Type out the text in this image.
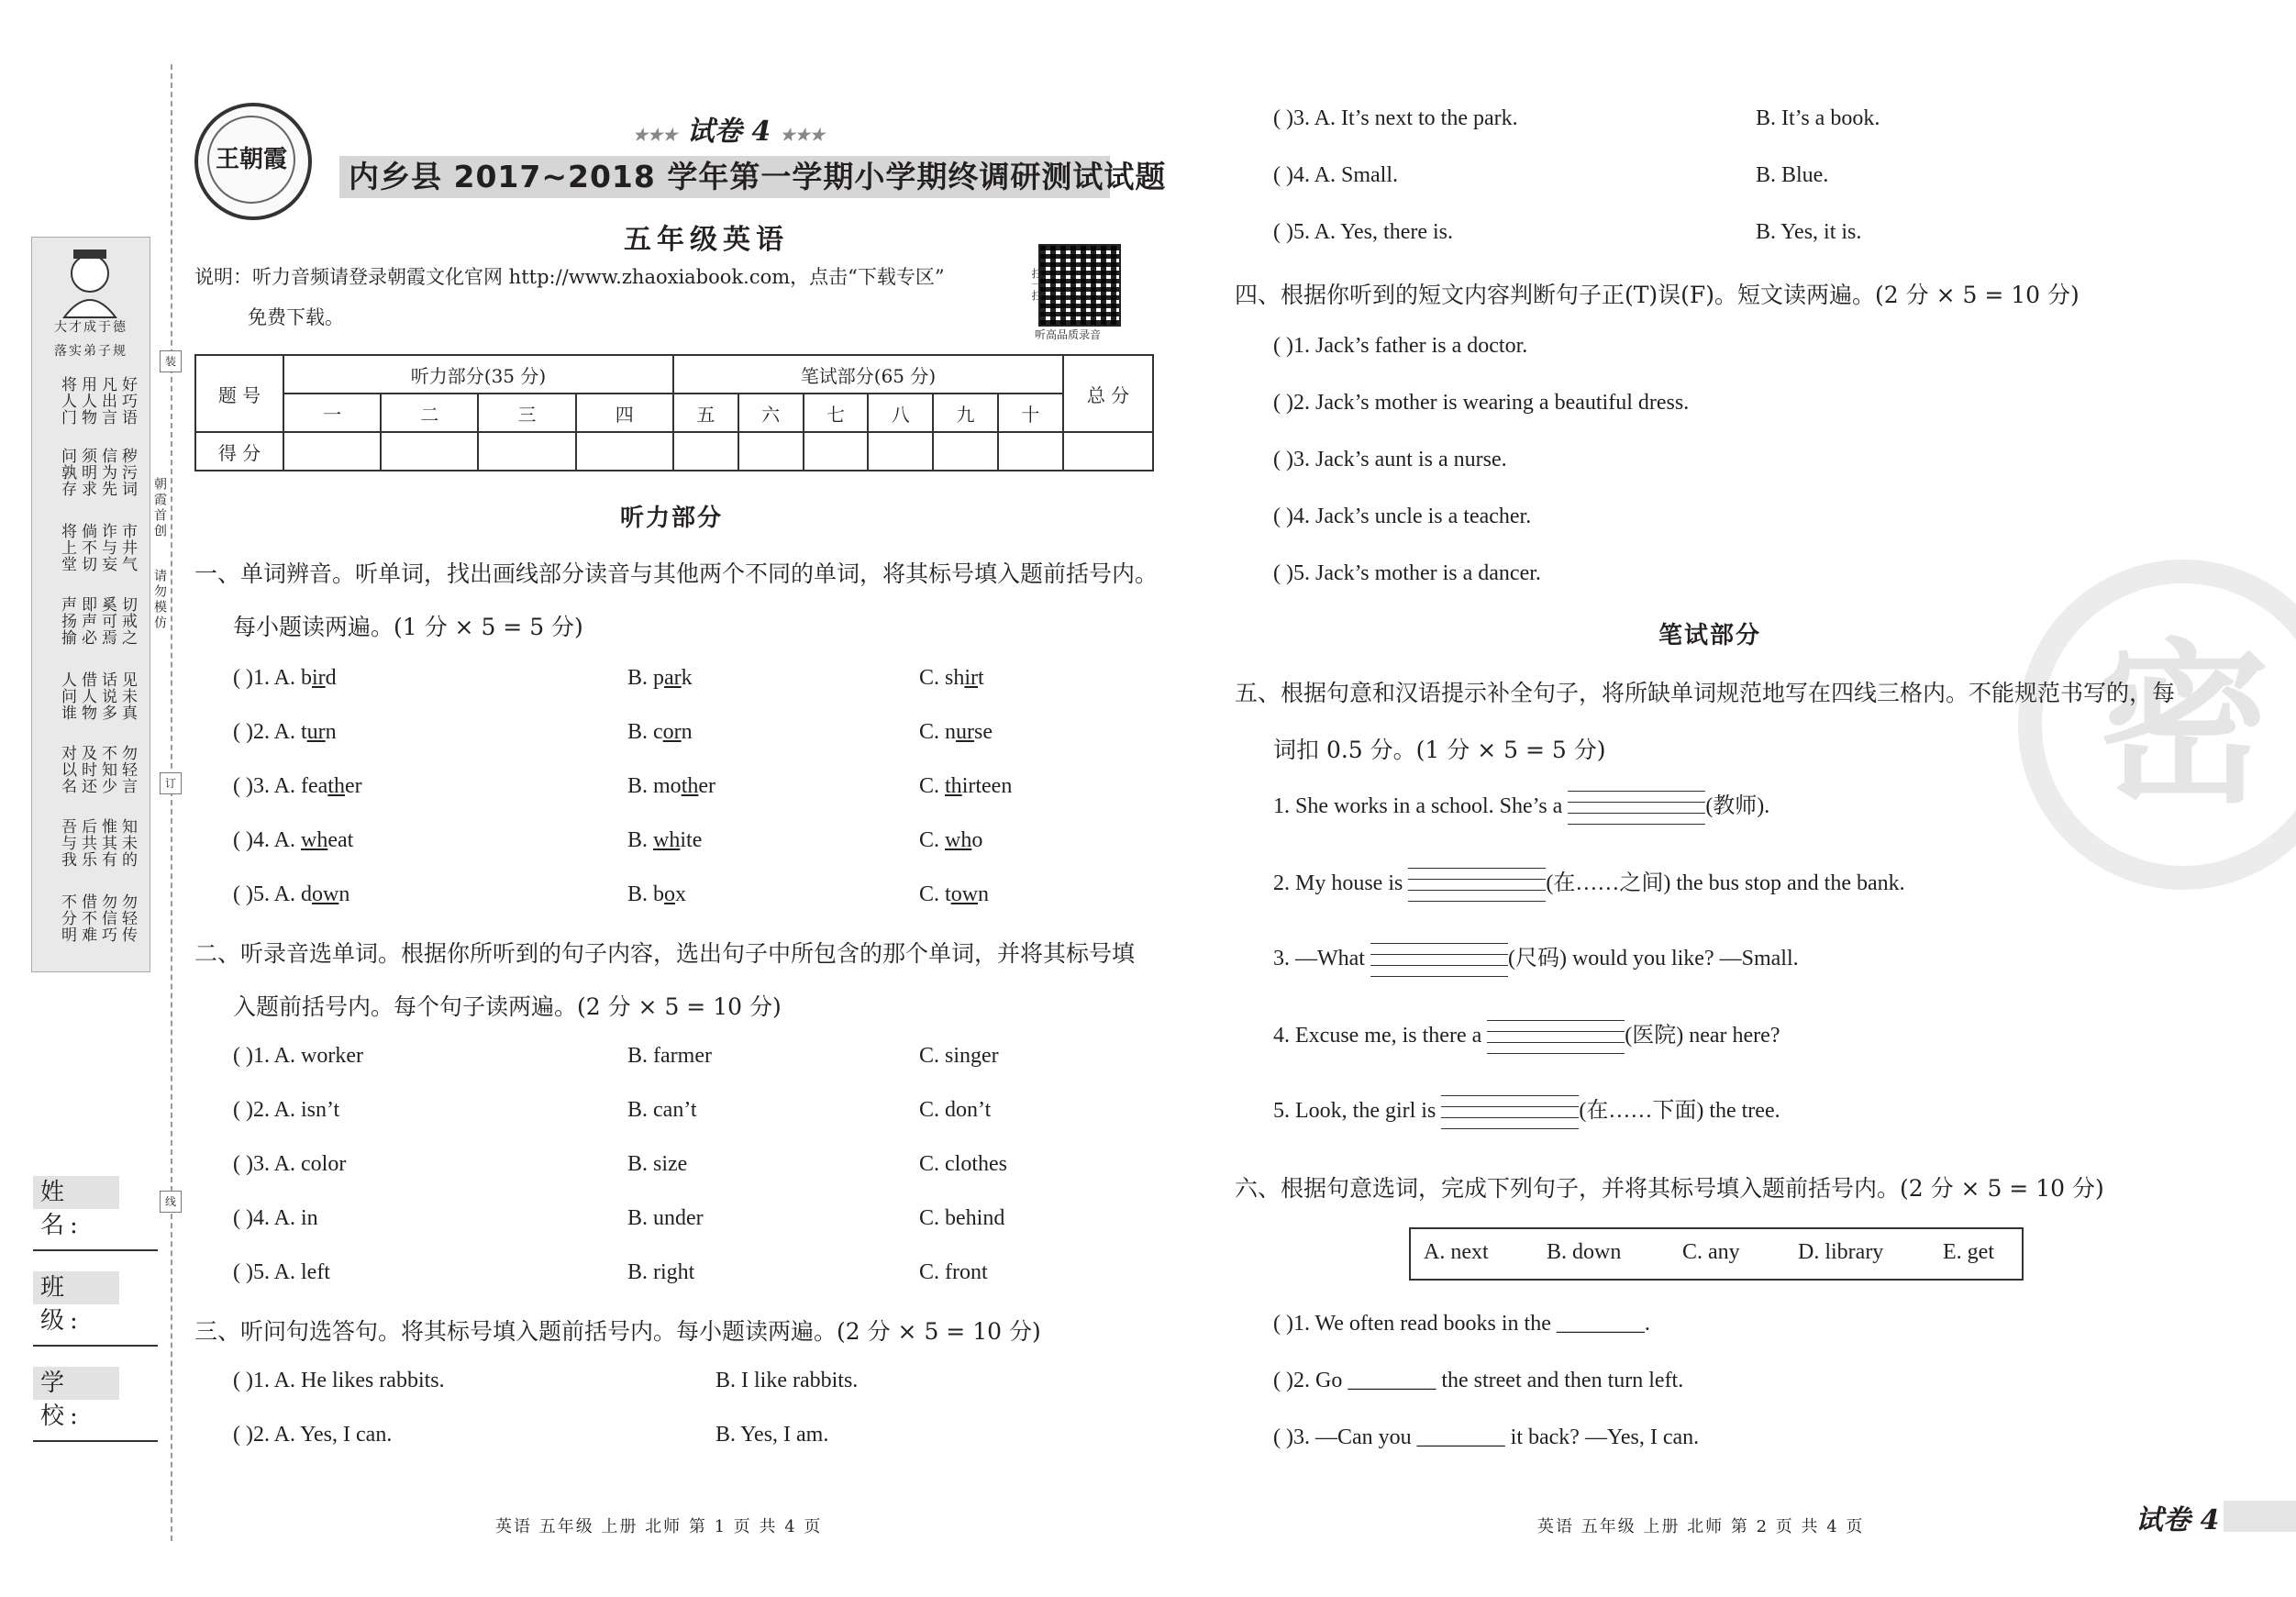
大才成于德
落实弟子规
好巧语
凡出言
用人物
将人门
秽污词
信为先
须明求
问孰存
市井气
诈与妄
倘不切
将上堂
切戒之
奚可焉
即声必
声扬揄
见未真
话说多
借人物
人问谁
勿轻言
不知少
及时还
对以名
知未的
惟其有
后共乐
吾与我
勿轻传
勿信巧
借不难
不分明
朝霞首创
请勿模仿
装
订
线
姓 名:
班 级:
学 校:
王朝霞
★★★ 试卷 4 ★★★
内乡县 2017~2018 学年第一学期小学期终调研测试试题
五年级英语
说明：听力音频请登录朝霞文化官网 http://www.zhaoxiabook.com，点击“下载专区”
免费下载。
扫一扫
听高品质录音
题 号	听力部分(35 分)				笔试部分(65 分)						总 分
	一	二	三	四	五	六	七	八	九	十	
得 分											
听力部分
一、单词辨音。听单词，找出画线部分读音与其他两个不同的单词，将其标号填入题前括号内。
每小题读两遍。(1 分 × 5 = 5 分)
( )1. A. bird	B. park	C. shirt
( )2. A. turn	B. corn	C. nurse
( )3. A. feather	B. mother	C. thirteen
( )4. A. wheat	B. white	C. who
( )5. A. down	B. box	C. town
二、听录音选单词。根据你所听到的句子内容，选出句子中所包含的那个单词，并将其标号填
入题前括号内。每个句子读两遍。(2 分 × 5 = 10 分)
( )1. A. worker	B. farmer	C. singer
( )2. A. isn’t	B. can’t	C. don’t
( )3. A. color	B. size	C. clothes
( )4. A. in	B. under	C. behind
( )5. A. left	B. right	C. front
三、听问句选答句。将其标号填入题前括号内。每小题读两遍。(2 分 × 5 = 10 分)
( )1. A. He likes rabbits.	B. I like rabbits.
( )2. A. Yes, I can.	B. Yes, I am.
英语 五年级 上册 北师 第 1 页 共 4 页
密
( )3. A. It’s next to the park.	B. It’s a book.
( )4. A. Small.	B. Blue.
( )5. A. Yes, there is.	B. Yes, it is.
四、根据你听到的短文内容判断句子正(T)误(F)。短文读两遍。(2 分 × 5 = 10 分)
( )1. Jack’s father is a doctor.
( )2. Jack’s mother is wearing a beautiful dress.
( )3. Jack’s aunt is a nurse.
( )4. Jack’s uncle is a teacher.
( )5. Jack’s mother is a dancer.
笔试部分
五、根据句意和汉语提示补全句子，将所缺单词规范地写在四线三格内。不能规范书写的，每
词扣 0.5 分。(1 分 × 5 = 5 分)
1. She works in a school. She’s a	(教师).
2. My house is	(在……之间) the bus stop and the bank.
3. —What	(尺码) would you like? —Small.
4. Excuse me, is there a	(医院) near here?
5. Look, the girl is	(在……下面) the tree.
六、根据句意选词，完成下列句子，并将其标号填入题前括号内。(2 分 × 5 = 10 分)
A. next	B. down	C. any	D. library	E. get
( )1. We often read books in the ________.
( )2. Go ________ the street and then turn left.
( )3. —Can you ________ it back? —Yes, I can.
英语 五年级 上册 北师 第 2 页 共 4 页	试卷 4
